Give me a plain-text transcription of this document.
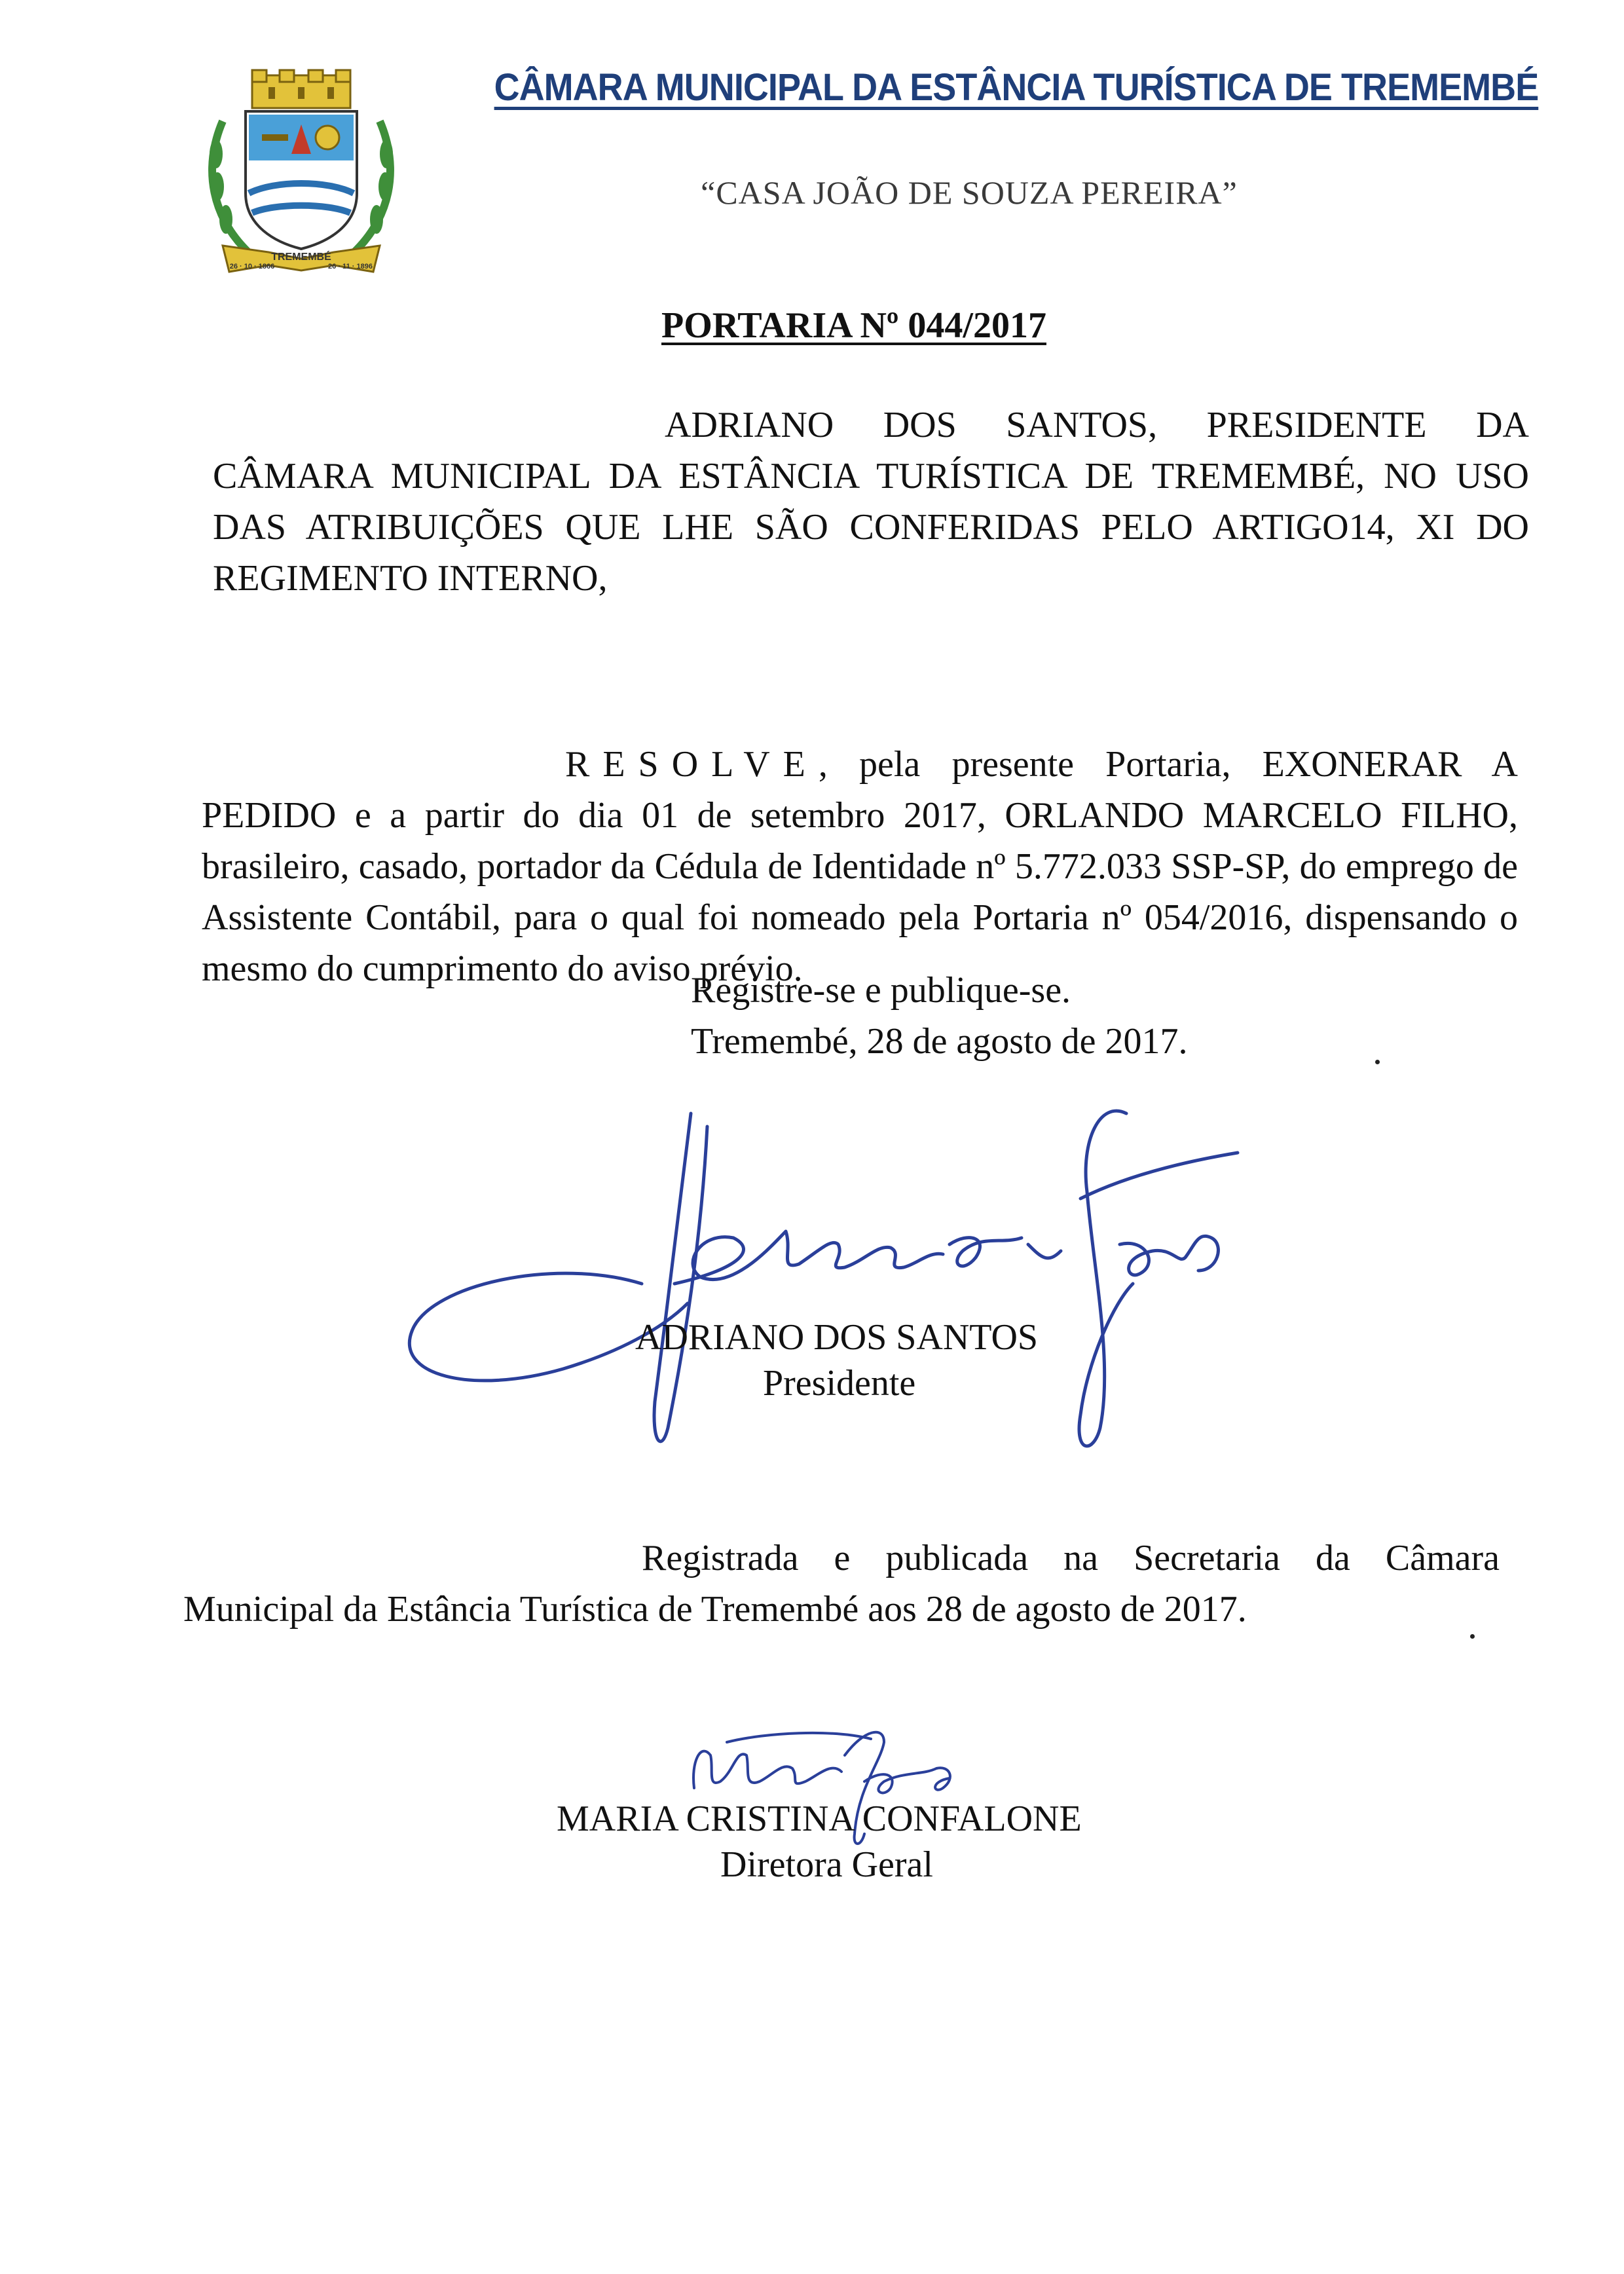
TREMEMBÉ
26 · 10 · 1866	26 · 11 · 1896
CÂMARA MUNICIPAL DA ESTÂNCIA TURÍSTICA DE TREMEMBÉ
“CASA JOÃO DE SOUZA PEREIRA”
PORTARIA Nº 044/2017

ADRIANO DOS SANTOS, PRESIDENTE DA CÂMARA MUNICIPAL DA ESTÂNCIA TURÍSTICA DE TREMEMBÉ, NO USO DAS ATRIBUIÇÕES QUE LHE SÃO CONFERIDAS PELO ARTIGO14, XI DO REGIMENTO INTERNO,

RESOLVE, pela presente Portaria, EXONERAR A PEDIDO e a partir do dia 01 de setembro 2017, ORLANDO MARCELO FILHO, brasileiro, casado, portador da Cédula de Identidade nº 5.772.033 SSP-SP, do emprego de Assistente Contábil, para o qual foi nomeado pela Portaria nº 054/2016, dispensando o mesmo do cumprimento do aviso prévio.

Registre-se e publique-se.
Tremembé, 28 de agosto de 2017.
ADRIANO DOS SANTOS
Presidente

Registrada e publicada na Secretaria da Câmara Municipal da Estância Turística de Tremembé aos 28 de agosto de 2017.

MARIA CRISTINA CONFALONE
Diretora Geral
